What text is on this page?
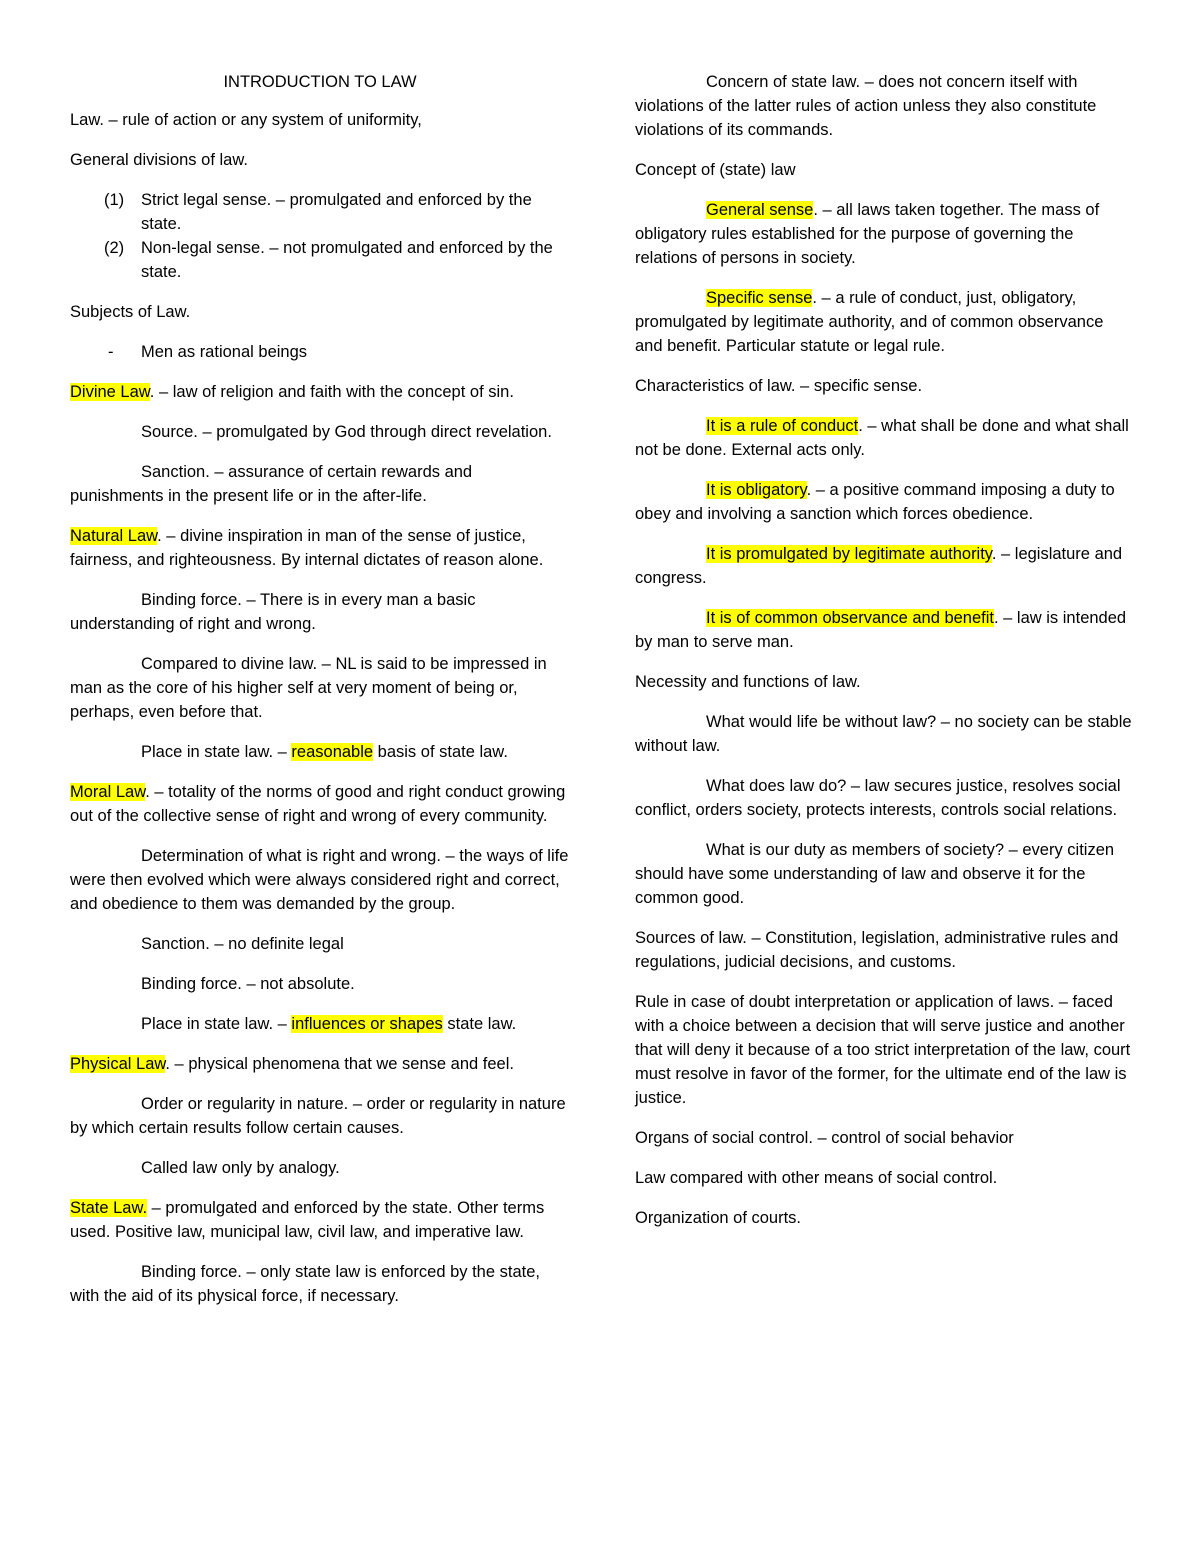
INTRODUCTION TO LAW

Law. – rule of action or any system of uniformity,

General divisions of law.

(1) Strict legal sense. – promulgated and enforced by the state.
(2) Non-legal sense. – not promulgated and enforced by the state.

Subjects of Law.

- Men as rational beings

Divine Law. – law of religion and faith with the concept of sin.

Source. – promulgated by God through direct revelation.

Sanction. – assurance of certain rewards and punishments in the present life or in the after-life.

Natural Law. – divine inspiration in man of the sense of justice, fairness, and righteousness. By internal dictates of reason alone.

Binding force. – There is in every man a basic understanding of right and wrong.

Compared to divine law. – NL is said to be impressed in man as the core of his higher self at very moment of being or, perhaps, even before that.

Place in state law. – reasonable basis of state law.

Moral Law. – totality of the norms of good and right conduct growing out of the collective sense of right and wrong of every community.

Determination of what is right and wrong. – the ways of life were then evolved which were always considered right and correct, and obedience to them was demanded by the group.

Sanction. – no definite legal

Binding force. – not absolute.

Place in state law. – influences or shapes state law.

Physical Law. – physical phenomena that we sense and feel.

Order or regularity in nature. – order or regularity in nature by which certain results follow certain causes.

Called law only by analogy.

State Law. – promulgated and enforced by the state. Other terms used. Positive law, municipal law, civil law, and imperative law.

Binding force. – only state law is enforced by the state, with the aid of its physical force, if necessary.

Concern of state law. – does not concern itself with violations of the latter rules of action unless they also constitute violations of its commands.

Concept of (state) law

General sense. – all laws taken together. The mass of obligatory rules established for the purpose of governing the relations of persons in society.

Specific sense. – a rule of conduct, just, obligatory, promulgated by legitimate authority, and of common observance and benefit. Particular statute or legal rule.

Characteristics of law. – specific sense.

It is a rule of conduct. – what shall be done and what shall not be done. External acts only.

It is obligatory. – a positive command imposing a duty to obey and involving a sanction which forces obedience.

It is promulgated by legitimate authority. – legislature and congress.

It is of common observance and benefit. – law is intended by man to serve man.

Necessity and functions of law.

What would life be without law? – no society can be stable without law.

What does law do? – law secures justice, resolves social conflict, orders society, protects interests, controls social relations.

What is our duty as members of society? – every citizen should have some understanding of law and observe it for the common good.

Sources of law. – Constitution, legislation, administrative rules and regulations, judicial decisions, and customs.

Rule in case of doubt interpretation or application of laws. – faced with a choice between a decision that will serve justice and another that will deny it because of a too strict interpretation of the law, court must resolve in favor of the former, for the ultimate end of the law is justice.

Organs of social control. – control of social behavior

Law compared with other means of social control.

Organization of courts.
